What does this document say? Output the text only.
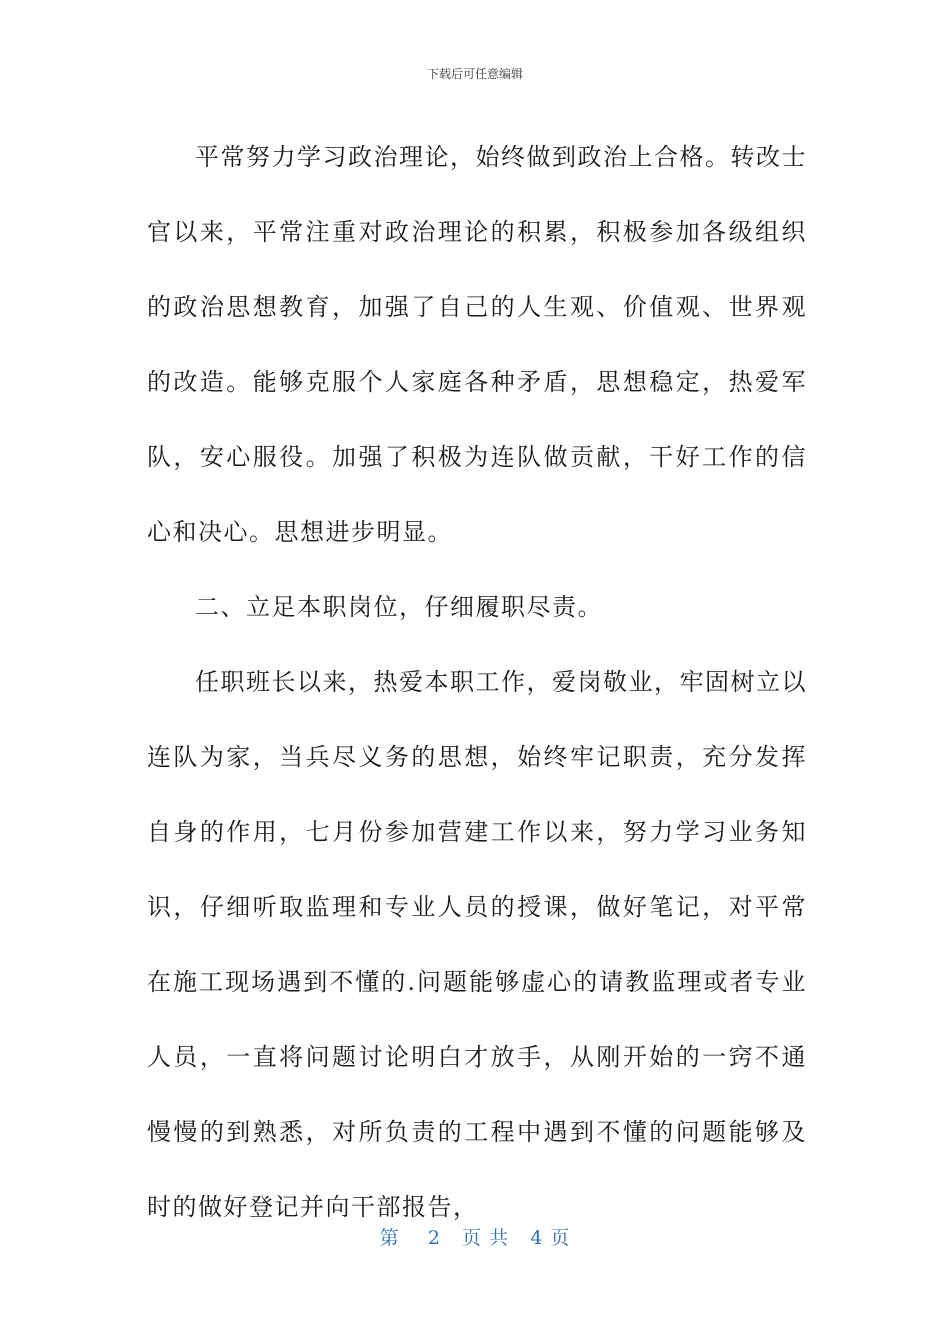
下载后可任意编辑

平常努力学习政治理论，始终做到政治上合格。转改士官以来，平常注重对政治理论的积累，积极参加各级组织的政治思想教育，加强了自己的人生观、价值观、世界观的改造。能够克服个人家庭各种矛盾，思想稳定，热爱军队，安心服役。加强了积极为连队做贡献，干好工作的信心和决心。思想进步明显。

二、立足本职岗位，仔细履职尽责。

任职班长以来，热爱本职工作，爱岗敬业，牢固树立以连队为家，当兵尽义务的思想，始终牢记职责，充分发挥自身的作用，七月份参加营建工作以来，努力学习业务知识，仔细听取监理和专业人员的授课，做好笔记，对平常在施工现场遇到不懂的.问题能够虚心的请教监理或者专业人员，一直将问题讨论明白才放手，从刚开始的一窍不通慢慢的到熟悉，对所负责的工程中遇到不懂的问题能够及时的做好登记并向干部报告，

第 2 页 共 4 页
